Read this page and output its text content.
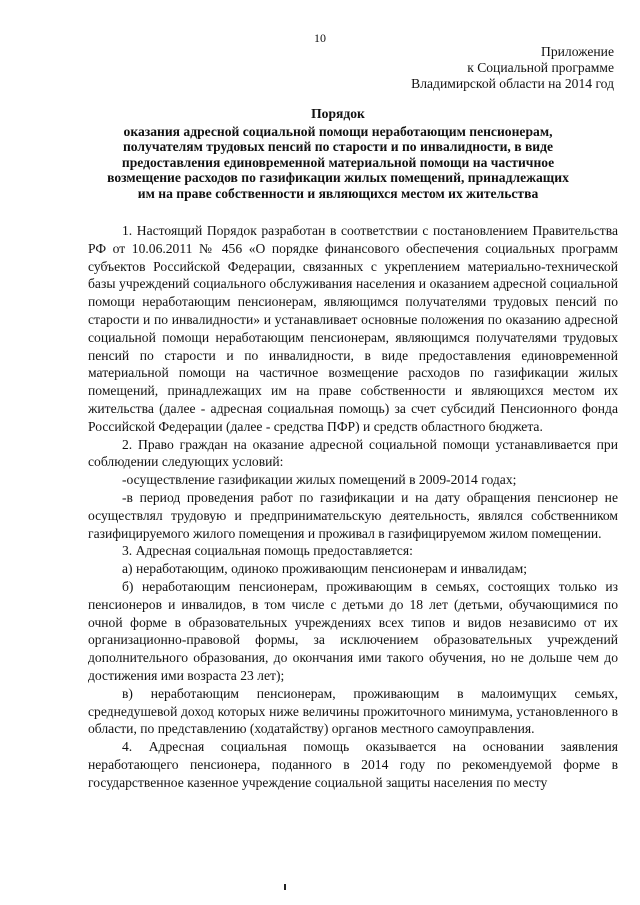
10
Приложение
к Социальной программе
Владимирской области на 2014 год
Порядок
оказания адресной социальной помощи неработающим пенсионерам,
получателям трудовых пенсий по старости и по инвалидности, в виде
предоставления единовременной материальной помощи на частичное
возмещение расходов по газификации жилых помещений, принадлежащих
им на праве собственности и являющихся местом их жительства

1. Настоящий Порядок разработан в соответствии с постановлением Правительства РФ от 10.06.2011 № 456 «О порядке финансового обеспечения социальных программ субъектов Российской Федерации, связанных с укреплением материально-технической базы учреждений социального обслуживания населения и оказанием адресной социальной помощи неработающим пенсионерам, являющимся получателями трудовых пенсий по старости и по инвалидности» и устанавливает основные положения по оказанию адресной социальной помощи неработающим пенсионерам, являющимся получателями трудовых пенсий по старости и по инвалидности, в виде предоставления единовременной материальной помощи на частичное возмещение расходов по газификации жилых помещений, принадлежащих им на праве собственности и являющихся местом их жительства (далее - адресная социальная помощь) за счет субсидий Пенсионного фонда Российской Федерации (далее - средства ПФР) и средств областного бюджета.

2. Право граждан на оказание адресной социальной помощи устанавливается при соблюдении следующих условий:

-осуществление газификации жилых помещений в 2009-2014 годах;

-в период проведения работ по газификации и на дату обращения пенсионер не осуществлял трудовую и предпринимательскую деятельность, являлся собственником газифицируемого жилого помещения и проживал в газифицируемом жилом помещении.

3. Адресная социальная помощь предоставляется:

а) неработающим, одиноко проживающим пенсионерам и инвалидам;

б) неработающим пенсионерам, проживающим в семьях, состоящих только из пенсионеров и инвалидов, в том числе с детьми до 18 лет (детьми, обучающимися по очной форме в образовательных учреждениях всех типов и видов независимо от их организационно-правовой формы, за исключением образовательных учреждений дополнительного образования, до окончания ими такого обучения, но не дольше чем до достижения ими возраста 23 лет);

в) неработающим пенсионерам, проживающим в малоимущих семьях, среднедушевой доход которых ниже величины прожиточного минимума, установленного в области, по представлению (ходатайству) органов местного самоуправления.

4. Адресная социальная помощь оказывается на основании заявления неработающего пенсионера, поданного в 2014 году по рекомендуемой форме в государственное казенное учреждение социальной защиты населения по месту
